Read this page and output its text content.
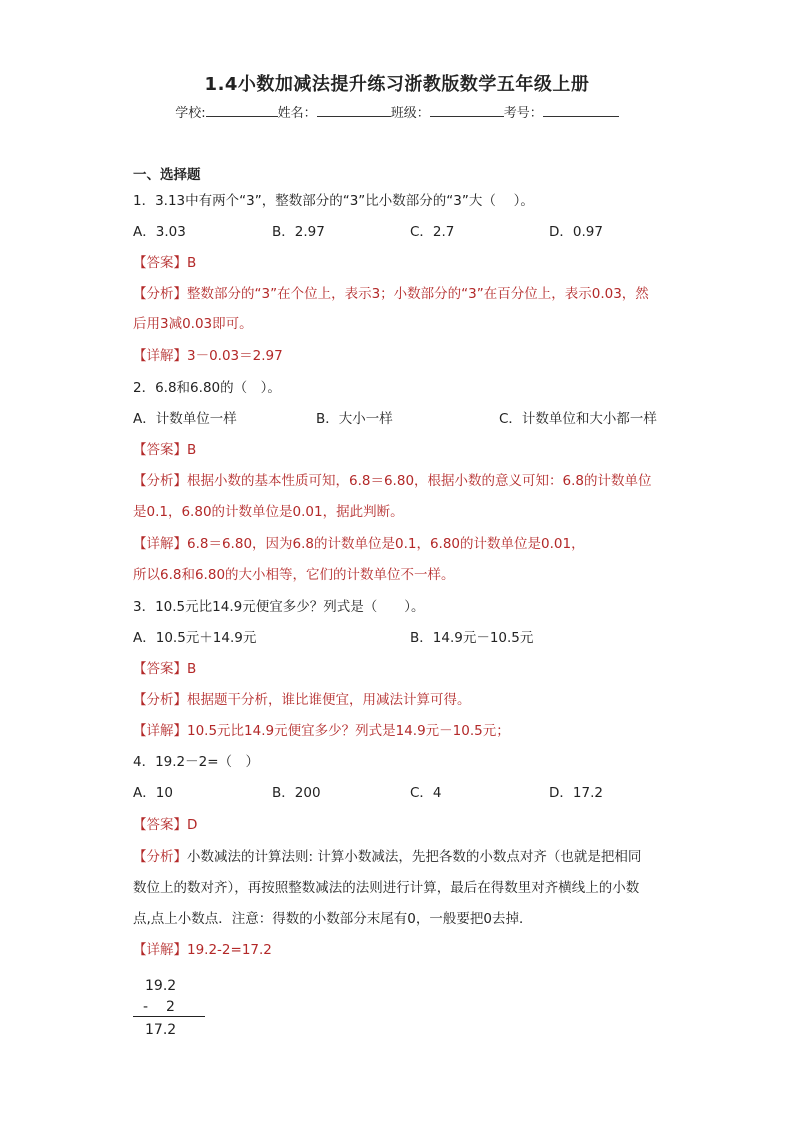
1.4小数加减法提升练习浙教版数学五年级上册
学校:	姓名：	班级：	考号：
一、选择题
1．3.13中有两个“3”，整数部分的“3”比小数部分的“3”大（　 ）。
A．3.03	B．2.97	C．2.7	D．0.97
【答案】B
【分析】整数部分的“3”在个位上，表示3；小数部分的“3”在百分位上，表示0.03，然
后用3减0.03即可。
【详解】3－0.03＝2.97
2．6.8和6.80的（　）。
A．计数单位一样	B．大小一样	C．计数单位和大小都一样
【答案】B
【分析】根据小数的基本性质可知，6.8＝6.80，根据小数的意义可知：6.8的计数单位
是0.1，6.80的计数单位是0.01，据此判断。
【详解】6.8＝6.80，因为6.8的计数单位是0.1，6.80的计数单位是0.01，
所以6.8和6.80的大小相等，它们的计数单位不一样。
3．10.5元比14.9元便宜多少？列式是（　　）。
A．10.5元＋14.9元	B．14.9元－10.5元
【答案】B
【分析】根据题干分析，谁比谁便宜，用减法计算可得。
【详解】10.5元比14.9元便宜多少？列式是14.9元－10.5元；
4．19.2－2=（　）
A．10	B．200	C．4	D．17.2
【答案】D
【分析】小数减法的计算法则: 计算小数减法，先把各数的小数点对齐（也就是把相同
数位上的数对齐），再按照整数减法的法则进行计算，最后在得数里对齐横线上的小数
点,点上小数点．注意：得数的小数部分末尾有0，一般要把0去掉．
【详解】19.2-2=17.2
19.2
- 2
17.2
